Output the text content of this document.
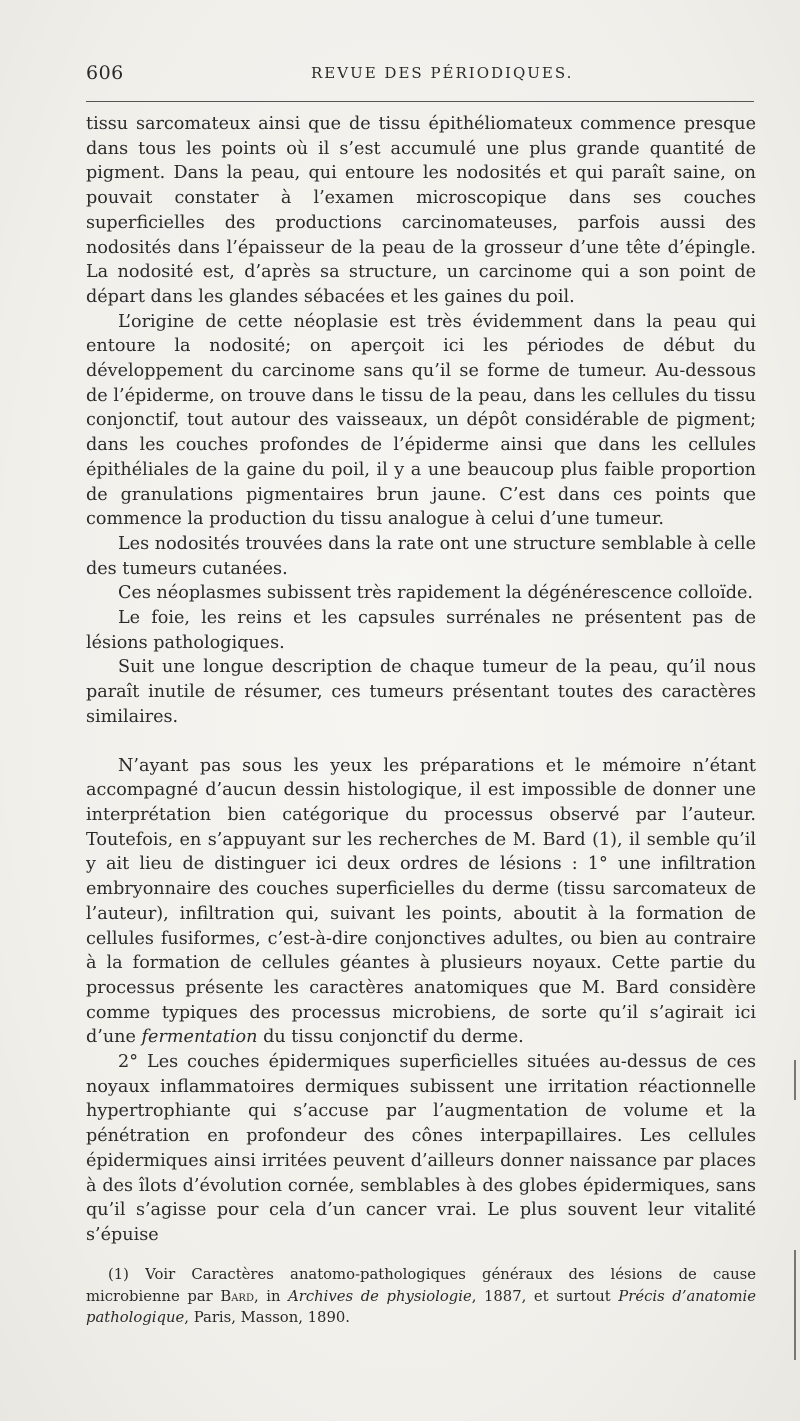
606	REVUE DES PÉRIODIQUES.

tissu sarcomateux ainsi que de tissu épithéliomateux commence presque dans tous les points où il s’est accumulé une plus grande quantité de pigment. Dans la peau, qui entoure les nodosités et qui paraît saine, on pouvait constater à l’examen microscopique dans ses couches superficielles des productions carcinomateuses, parfois aussi des nodosités dans l’épaisseur de la peau de la grosseur d’une tête d’épingle. La nodosité est, d’après sa structure, un carcinome qui a son point de départ dans les glandes sébacées et les gaines du poil.

L’origine de cette néoplasie est très évidemment dans la peau qui entoure la nodosité; on aperçoit ici les périodes de début du développement du carcinome sans qu’il se forme de tumeur. Au-dessous de l’épiderme, on trouve dans le tissu de la peau, dans les cellules du tissu conjonctif, tout autour des vaisseaux, un dépôt considérable de pigment; dans les couches profondes de l’épiderme ainsi que dans les cellules épithéliales de la gaine du poil, il y a une beaucoup plus faible proportion de granulations pigmentaires brun jaune. C’est dans ces points que commence la production du tissu analogue à celui d’une tumeur.

Les nodosités trouvées dans la rate ont une structure semblable à celle des tumeurs cutanées.

Ces néoplasmes subissent très rapidement la dégénérescence colloïde.

Le foie, les reins et les capsules surrénales ne présentent pas de lésions pathologiques.

Suit une longue description de chaque tumeur de la peau, qu’il nous paraît inutile de résumer, ces tumeurs présentant toutes des caractères similaires.

N’ayant pas sous les yeux les préparations et le mémoire n’étant accompagné d’aucun dessin histologique, il est impossible de donner une interprétation bien catégorique du processus observé par l’auteur. Toutefois, en s’appuyant sur les recherches de M. Bard (1), il semble qu’il y ait lieu de distinguer ici deux ordres de lésions : 1° une infiltration embryonnaire des couches superficielles du derme (tissu sarcomateux de l’auteur), infiltration qui, suivant les points, aboutit à la formation de cellules fusiformes, c’est-à-dire conjonctives adultes, ou bien au contraire à la formation de cellules géantes à plusieurs noyaux. Cette partie du processus présente les caractères anatomiques que M. Bard considère comme typiques des processus microbiens, de sorte qu’il s’agirait ici d’une fermentation du tissu conjonctif du derme.

2° Les couches épidermiques superficielles situées au-dessus de ces noyaux inflammatoires dermiques subissent une irritation réactionnelle hypertrophiante qui s’accuse par l’augmentation de volume et la pénétration en profondeur des cônes interpapillaires. Les cellules épidermiques ainsi irritées peuvent d’ailleurs donner naissance par places à des îlots d’évolution cornée, semblables à des globes épidermiques, sans qu’il s’agisse pour cela d’un cancer vrai. Le plus souvent leur vitalité s’épuise

(1) Voir Caractères anatomo-pathologiques généraux des lésions de cause microbienne par Bard, in Archives de physiologie, 1887, et surtout Précis d’anatomie pathologique, Paris, Masson, 1890.
